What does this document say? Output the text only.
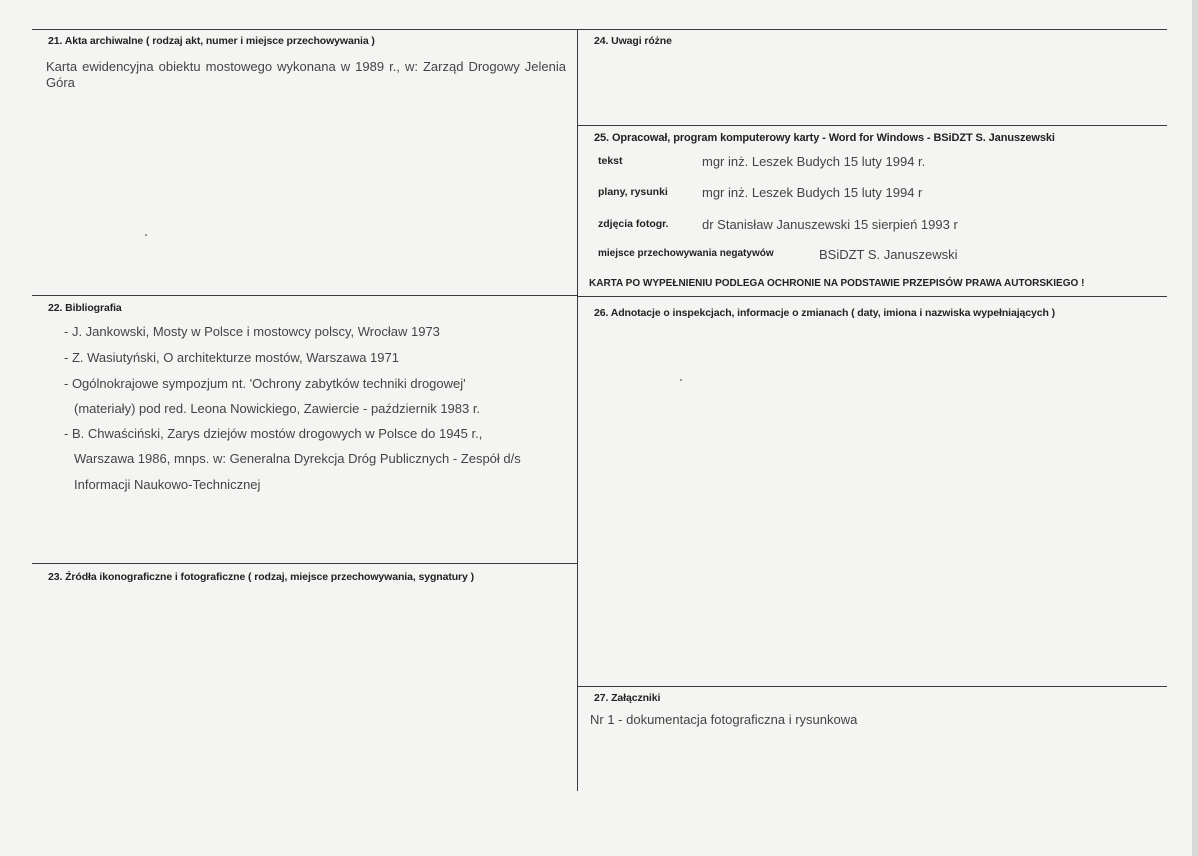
21. Akta archiwalne ( rodzaj akt, numer i miejsce przechowywania )
Karta ewidencyjna obiektu mostowego wykonana w 1989 r., w: Zarząd Drogowy Jelenia Góra
22. Bibliografia
- J. Jankowski, Mosty w Polsce i mostowcy polscy, Wrocław 1973
- Z. Wasiutyński, O architekturze mostów, Warszawa 1971
- Ogólnokrajowe sympozjum nt. 'Ochrony zabytków techniki drogowej'
(materiały) pod red. Leona Nowickiego, Zawiercie - październik 1983 r.
- B. Chwaściński, Zarys dziejów mostów drogowych w Polsce do 1945 r.,
Warszawa 1986, mnps. w: Generalna Dyrekcja Dróg Publicznych - Zespół d/s
Informacji Naukowo-Technicznej
23. Źródła ikonograficzne i fotograficzne ( rodzaj, miejsce przechowywania, sygnatury )
24. Uwagi różne
25. Opracował, program komputerowy karty - Word for Windows - BSiDZT S. Januszewski
tekst	mgr inż. Leszek Budych 15 luty 1994 r.
plany, rysunki	mgr inż. Leszek Budych 15 luty 1994 r
zdjęcia fotogr.	dr Stanisław Januszewski 15 sierpień 1993 r
miejsce przechowywania negatywów	BSiDZT S. Januszewski
KARTA PO WYPEŁNIENIU PODLEGA OCHRONIE NA PODSTAWIE PRZEPISÓW PRAWA AUTORSKIEGO !
26. Adnotacje o inspekcjach, informacje o zmianach ( daty, imiona i nazwiska wypełniających )
27. Załączniki
Nr 1 - dokumentacja fotograficzna i rysunkowa
